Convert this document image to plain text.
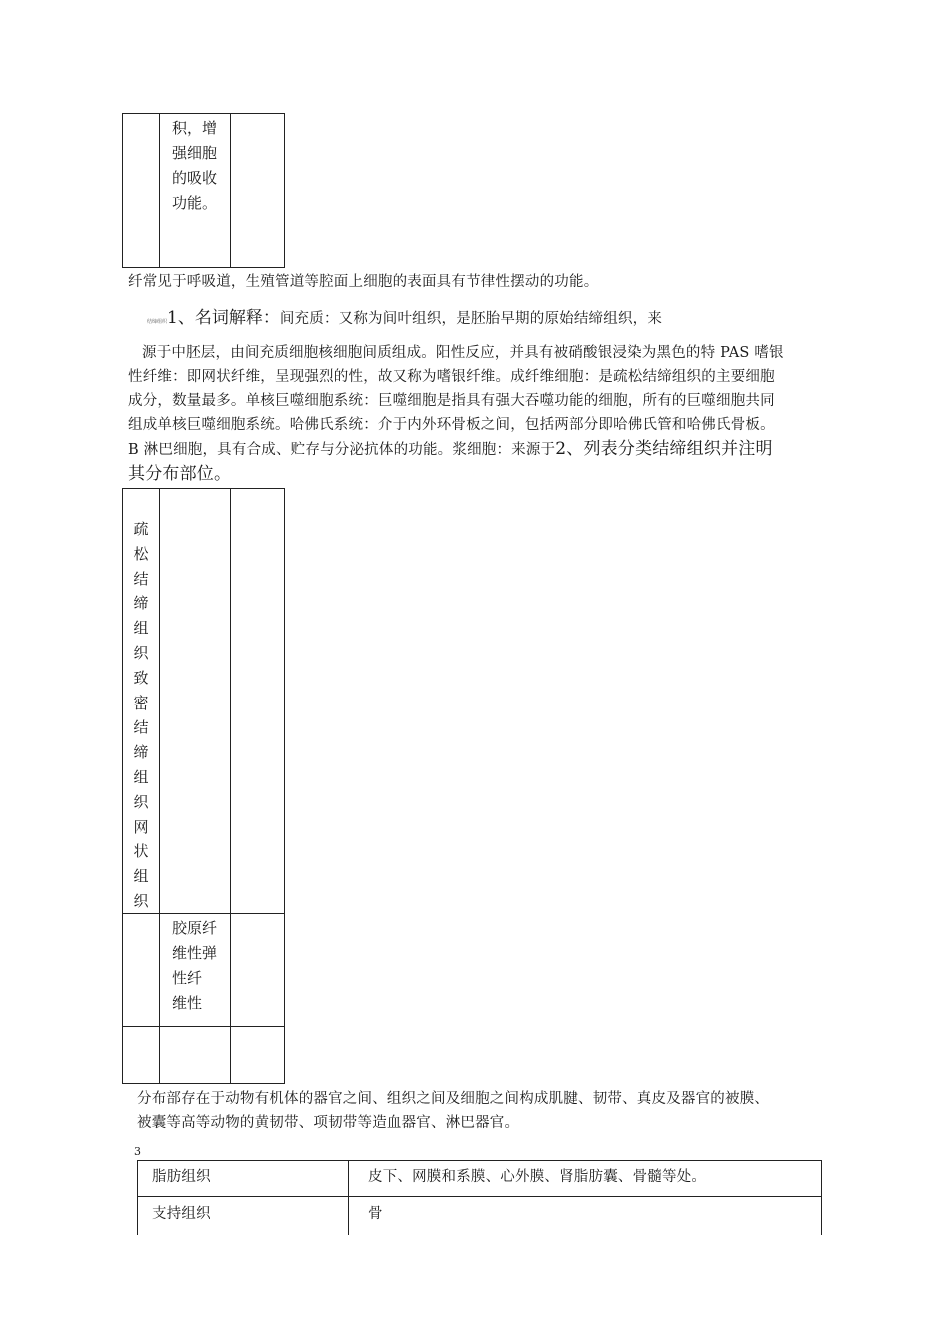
积，增
强细胞
的吸收
功能。
纤常见于呼吸道，生殖管道等腔面上细胞的表面具有节律性摆动的功能。
结缔组织1、名词解释：间充质：又称为间叶组织，是胚胎早期的原始结缔组织，来
源于中胚层，由间充质细胞核细胞间质组成。阳性反应，并具有被硝酸银浸染为黑色的特 PAS 嗜银
性纤维：即网状纤维，呈现强烈的性，故又称为嗜银纤维。成纤维细胞：是疏松结缔组织的主要细胞
成分，数量最多。单核巨噬细胞系统：巨噬细胞是指具有强大吞噬功能的细胞，所有的巨噬细胞共同
组成单核巨噬细胞系统。哈佛氏系统：介于内外环骨板之间，包括两部分即哈佛氏管和哈佛氏骨板。
B 淋巴细胞，具有合成、贮存与分泌抗体的功能。浆细胞：来源于2、列表分类结缔组织并注明
其分布部位。
疏
松
结
缔
组
织
致
密
结
缔
组
织
网
状
组
织
胶原纤
维性弹
性纤
维性
分布部存在于动物有机体的器官之间、组织之间及细胞之间构成肌腱、韧带、真皮及器官的被膜、
被囊等高等动物的黄韧带、项韧带等造血器官、淋巴器官。
3
脂肪组织	皮下、网膜和系膜、心外膜、肾脂肪囊、骨髓等处。
支持组织	骨
